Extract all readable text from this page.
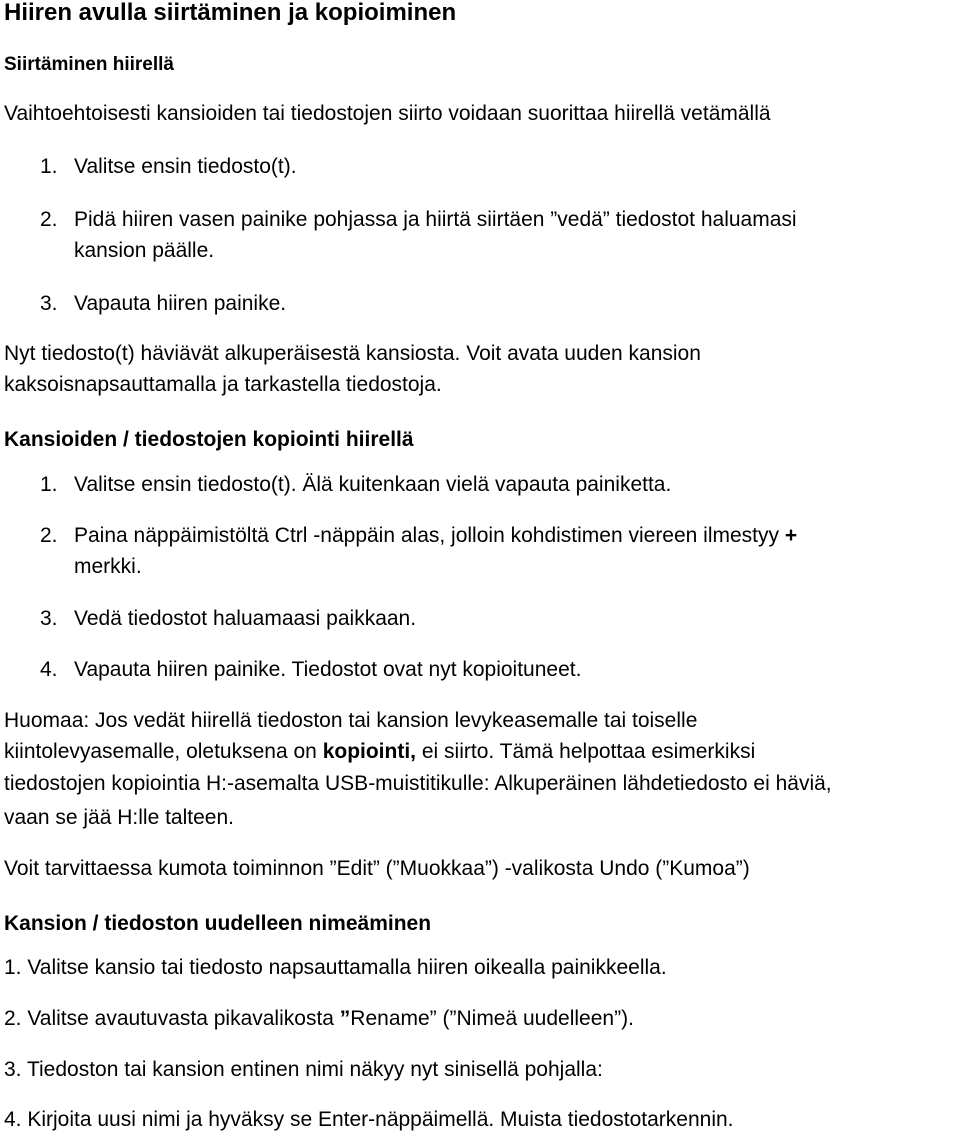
Hiiren avulla siirtäminen ja kopioiminen
Siirtäminen hiirellä
Vaihtoehtoisesti kansioiden tai tiedostojen siirto voidaan suorittaa hiirellä vetämällä
1. Valitse ensin tiedosto(t).
2. Pidä hiiren vasen painike pohjassa ja hiirtä siirtäen ”vedä” tiedostot haluamasi
kansion päälle.
3. Vapauta hiiren painike.
Nyt tiedosto(t) häviävät alkuperäisestä kansiosta. Voit avata uuden kansion
kaksoisnapsauttamalla ja tarkastella tiedostoja.
Kansioiden / tiedostojen kopiointi hiirellä
1. Valitse ensin tiedosto(t). Älä kuitenkaan vielä vapauta painiketta.
2. Paina näppäimistöltä Ctrl -näppäin alas, jolloin kohdistimen viereen ilmestyy +
merkki.
3. Vedä tiedostot haluamaasi paikkaan.
4. Vapauta hiiren painike. Tiedostot ovat nyt kopioituneet.
Huomaa: Jos vedät hiirellä tiedoston tai kansion levykeasemalle tai toiselle
kiintolevyasemalle, oletuksena on kopiointi, ei siirto. Tämä helpottaa esimerkiksi
tiedostojen kopiointia H:-asemalta USB-muistitikulle: Alkuperäinen lähdetiedosto ei häviä,
vaan se jää H:lle talteen.
Voit tarvittaessa kumota toiminnon ”Edit” (”Muokkaa”) -valikosta Undo (”Kumoa”)
Kansion / tiedoston uudelleen nimeäminen
1. Valitse kansio tai tiedosto napsauttamalla hiiren oikealla painikkeella.
2. Valitse avautuvasta pikavalikosta ”Rename” (”Nimeä uudelleen”).
3. Tiedoston tai kansion entinen nimi näkyy nyt sinisellä pohjalla:
4. Kirjoita uusi nimi ja hyväksy se Enter-näppäimellä. Muista tiedostotarkennin.
